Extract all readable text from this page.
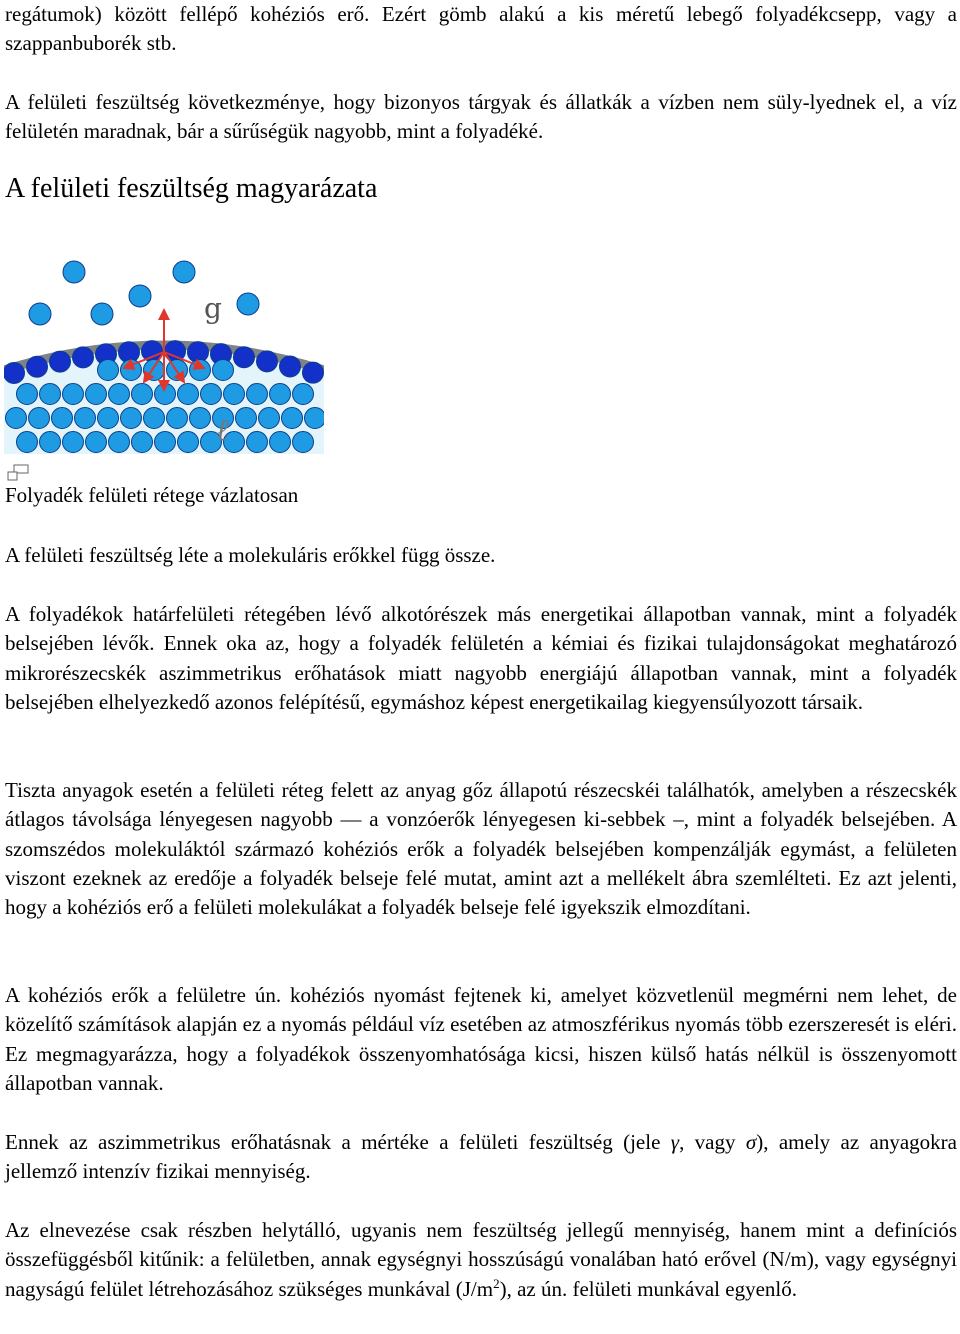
regátumok) között fellépő kohéziós erő. Ezért gömb alakú a kis méretű lebegő folyadékcsepp, vagy a szappanbuborék stb.

A felületi feszültség következménye, hogy bizonyos tárgyak és állatkák a vízben nem süly-lyednek el, a víz felületén maradnak, bár a sűrűségük nagyobb, mint a folyadéké.

A felületi feszültség magyarázata
g
ℓ

Folyadék felületi rétege vázlatosan

A felületi feszültség léte a molekuláris erőkkel függ össze.

A folyadékok határfelületi rétegében lévő alkotórészek más energetikai állapotban vannak, mint a folyadék belsejében lévők. Ennek oka az, hogy a folyadék felületén a kémiai és fizikai tulajdonságokat meghatározó mikrorészecskék aszimmetrikus erőhatások miatt nagyobb energiájú állapotban vannak, mint a folyadék belsejében elhelyezkedő azonos felépítésű, egymáshoz képest energetikailag kiegyensúlyozott társaik.

Tiszta anyagok esetén a felületi réteg felett az anyag gőz állapotú részecskéi találhatók, amelyben a részecskék átlagos távolsága lényegesen nagyobb — a vonzóerők lényegesen ki-sebbek –, mint a folyadék belsejében. A szomszédos molekuláktól származó kohéziós erők a folyadék belsejében kompenzálják egymást, a felületen viszont ezeknek az eredője a folyadék belseje felé mutat, amint azt a mellékelt ábra szemlélteti. Ez azt jelenti, hogy a kohéziós erő a felületi molekulákat a folyadék belseje felé igyekszik elmozdítani.

A kohéziós erők a felületre ún. kohéziós nyomást fejtenek ki, amelyet közvetlenül megmérni nem lehet, de közelítő számítások alapján ez a nyomás például víz esetében az atmoszférikus nyomás több ezerszeresét is eléri. Ez megmagyarázza, hogy a folyadékok összenyomhatósága kicsi, hiszen külső hatás nélkül is összenyomott állapotban vannak.

Ennek az aszimmetrikus erőhatásnak a mértéke a felületi feszültség (jele γ, vagy σ), amely az anyagokra jellemző intenzív fizikai mennyiség.

Az elnevezése csak részben helytálló, ugyanis nem feszültség jellegű mennyiség, hanem mint a definíciós összefüggésből kitűnik: a felületben, annak egységnyi hosszúságú vonalában ható erővel (N/m), vagy egységnyi nagyságú felület létrehozásához szükséges munkával $(J/m^2)$, az ún. felületi munkával egyenlő.
